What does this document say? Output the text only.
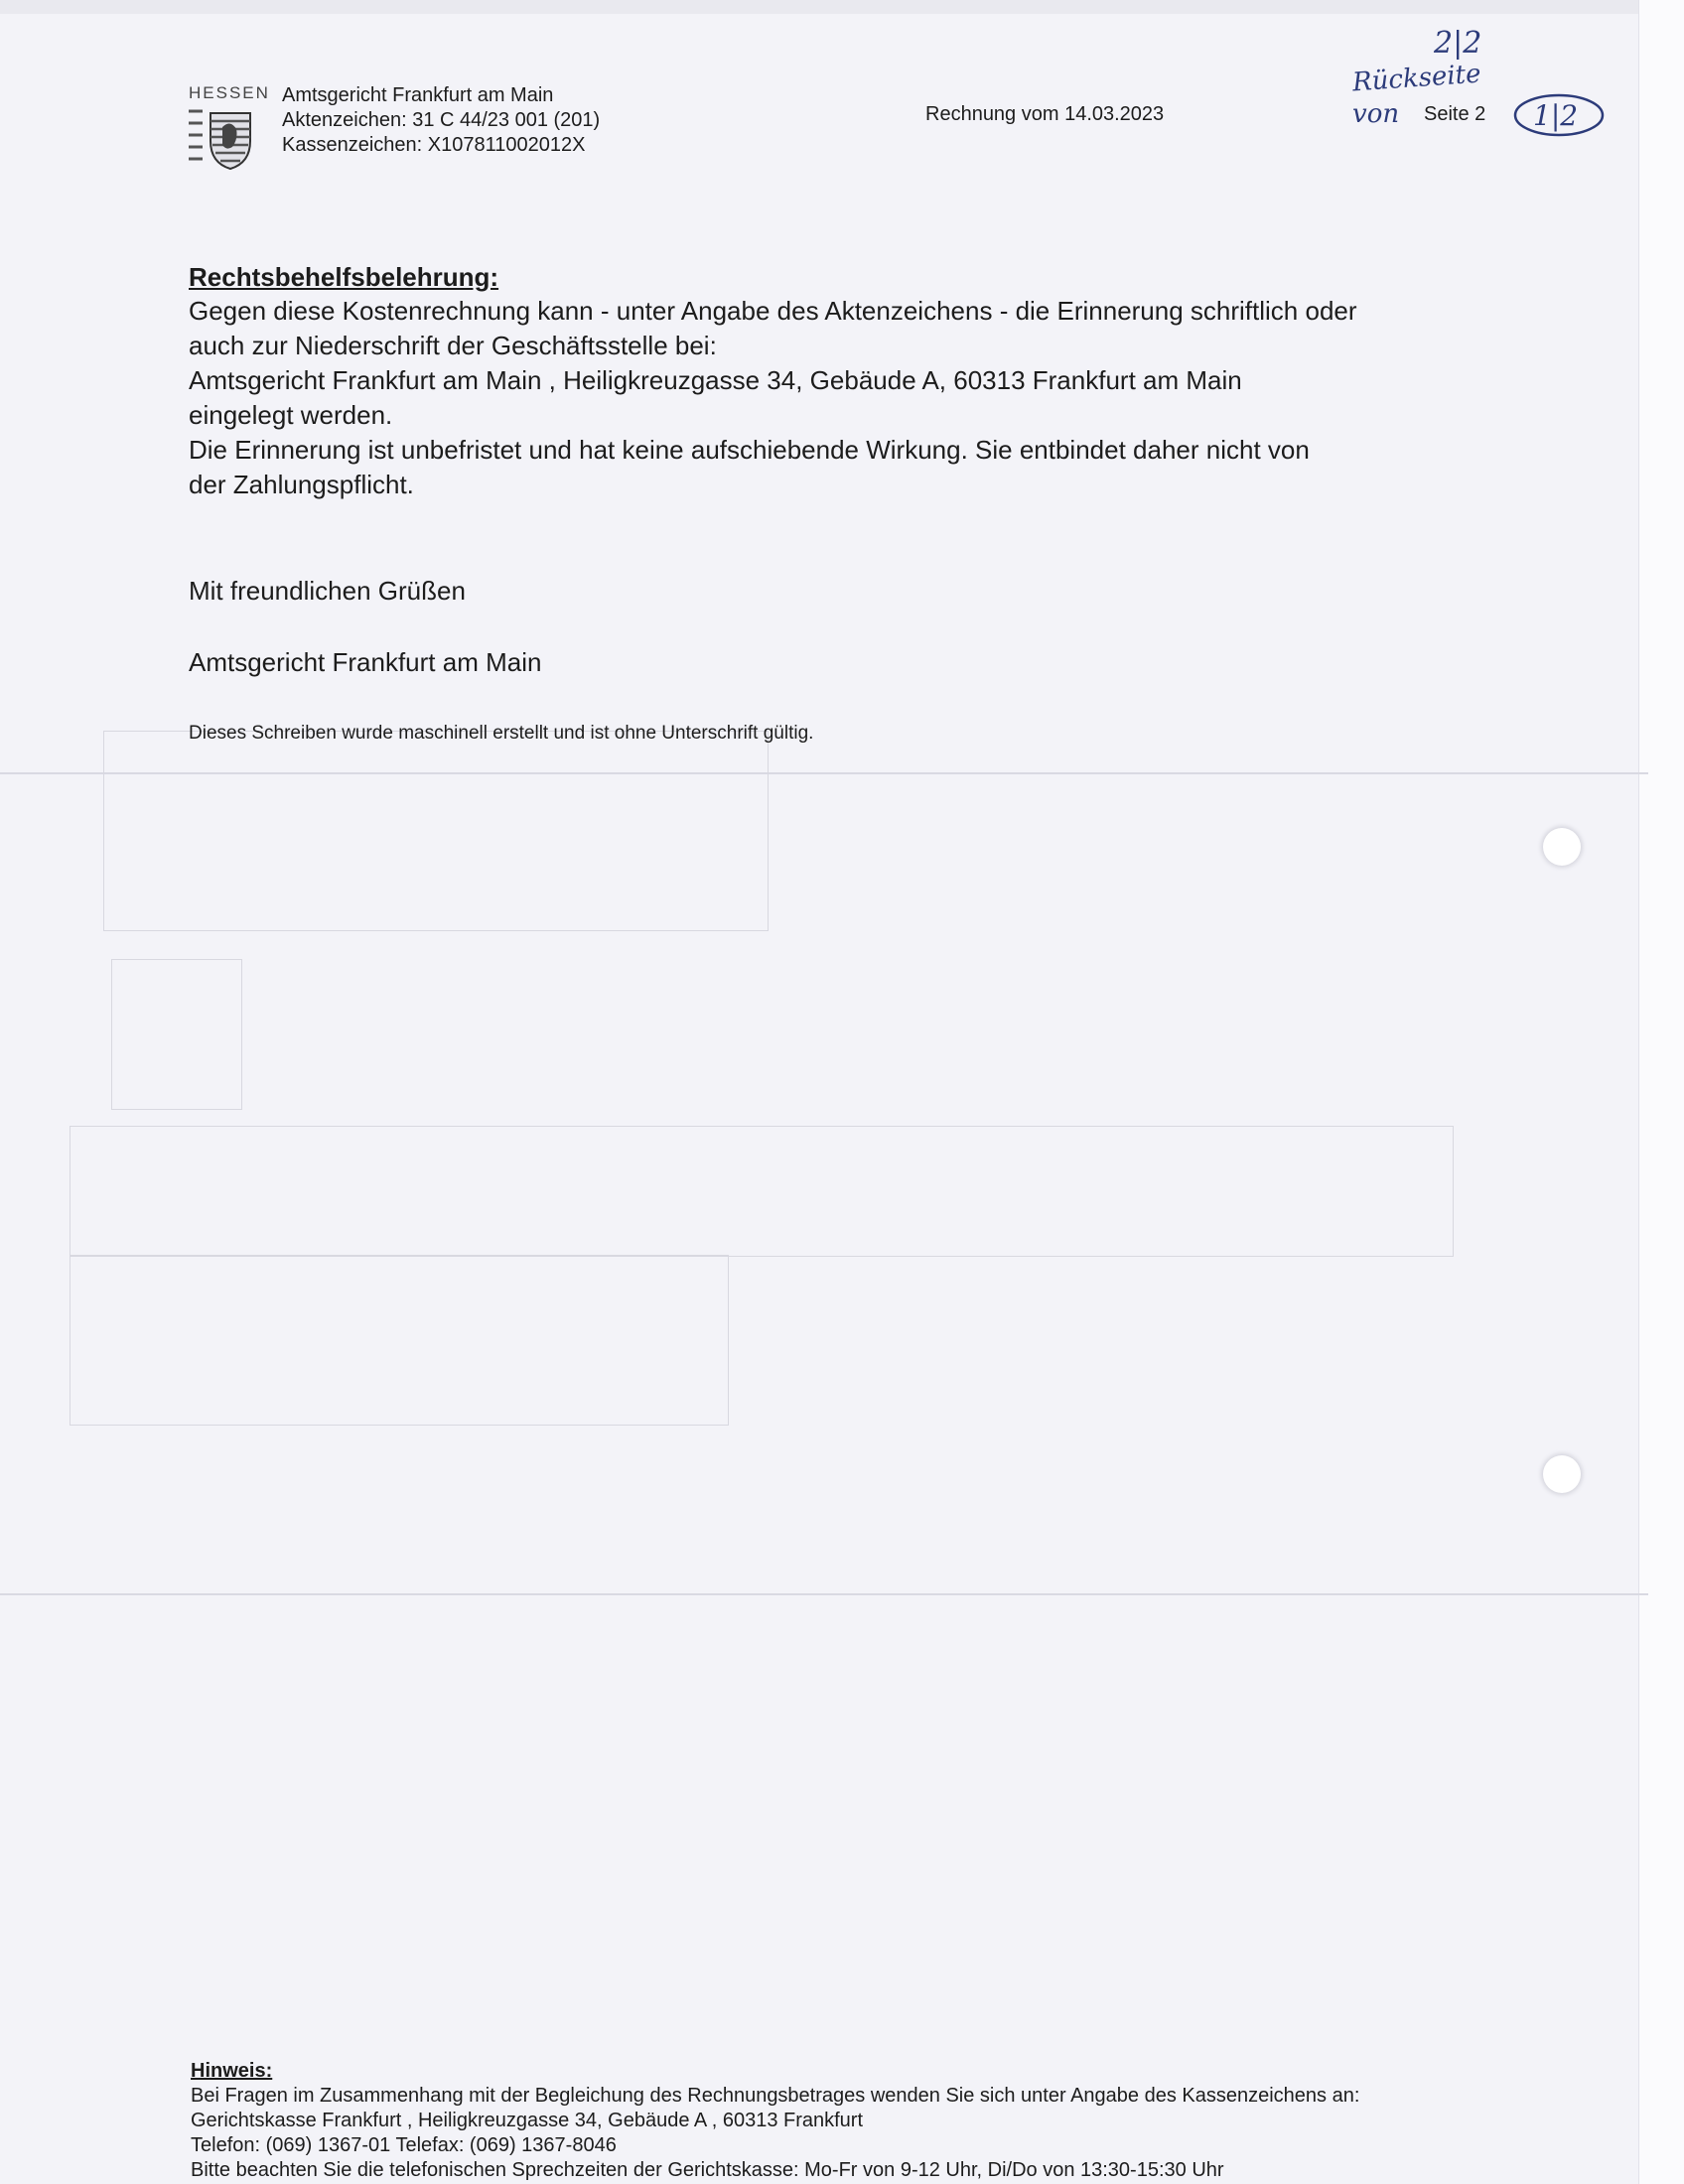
HESSEN Amtsgericht Frankfurt am Main
Aktenzeichen: 31 C 44/23 001 (201)
Kassenzeichen: X107811002012X
Rechnung vom 14.03.2023	Seite 2
2|2
Rückseite
von	1|2
Rechtsbehelfsbelehrung:
Gegen diese Kostenrechnung kann - unter Angabe des Aktenzeichens - die Erinnerung schriftlich oder
auch zur Niederschrift der Geschäftsstelle bei:
Amtsgericht Frankfurt am Main , Heiligkreuzgasse 34, Gebäude A, 60313 Frankfurt am Main
eingelegt werden.
Die Erinnerung ist unbefristet und hat keine aufschiebende Wirkung. Sie entbindet daher nicht von
der Zahlungspflicht.
Mit freundlichen Grüßen
Amtsgericht Frankfurt am Main
Dieses Schreiben wurde maschinell erstellt und ist ohne Unterschrift gültig.
Hinweis:
Bei Fragen im Zusammenhang mit der Begleichung des Rechnungsbetrages wenden Sie sich unter Angabe des Kassenzeichens an:
Gerichtskasse Frankfurt , Heiligkreuzgasse 34, Gebäude A , 60313 Frankfurt
Telefon: (069) 1367-01 Telefax: (069) 1367-8046
Bitte beachten Sie die telefonischen Sprechzeiten der Gerichtskasse: Mo-Fr von 9-12 Uhr, Di/Do von 13:30-15:30 Uhr
